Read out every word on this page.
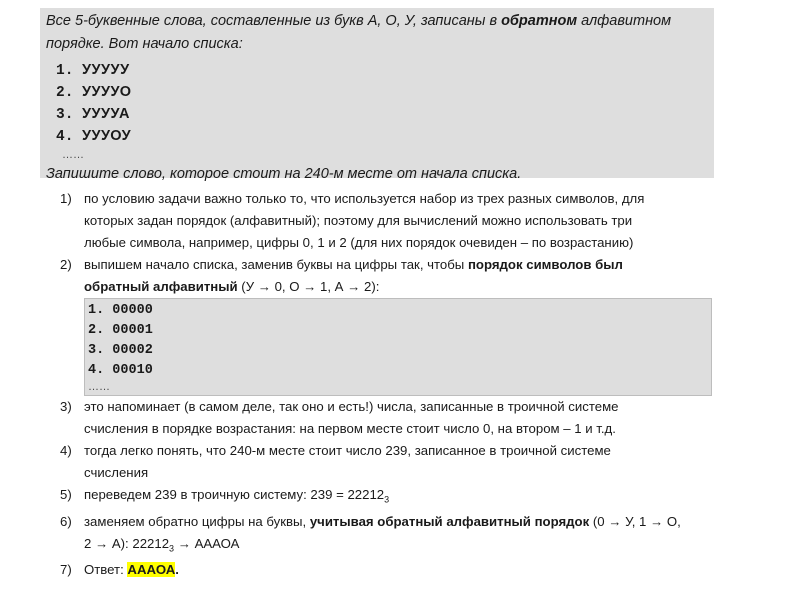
Все 5-буквенные слова, составленные из букв А, О, У, записаны в обратном алфавитном
порядке. Вот начало списка:

1. УУУУУ
2. УУУУО
3. УУУУА
4. УУУОУ
……

Запишите слово, которое стоит на 240-м месте от начала списка.

1) по условию задачи важно только то, что используется набор из трех разных символов, для
которых задан порядок (алфавитный); поэтому для вычислений можно использовать три
любые символа, например, цифры 0, 1 и 2 (для них порядок очевиден – по возрастанию)
2) выпишем начало списка, заменив буквы на цифры так, чтобы порядок символов был
обратный алфавитный (У → 0, О → 1, А → 2):
1. 00000
2. 00001
3. 00002
4. 00010
……
3) это напоминает (в самом деле, так оно и есть!) числа, записанные в троичной системе
счисления в порядке возрастания: на первом месте стоит число 0, на втором – 1 и т.д.
4) тогда легко понять, что 240-м месте стоит число 239, записанное в троичной системе
счисления
5) переведем 239 в троичную систему: $239 = 22212_3$
6) заменяем обратно цифры на буквы, учитывая обратный алфавитный порядок (0 → У, 1 → О,
2 → А): $22212_3$ → АААОА
7) Ответ: АААОА.
